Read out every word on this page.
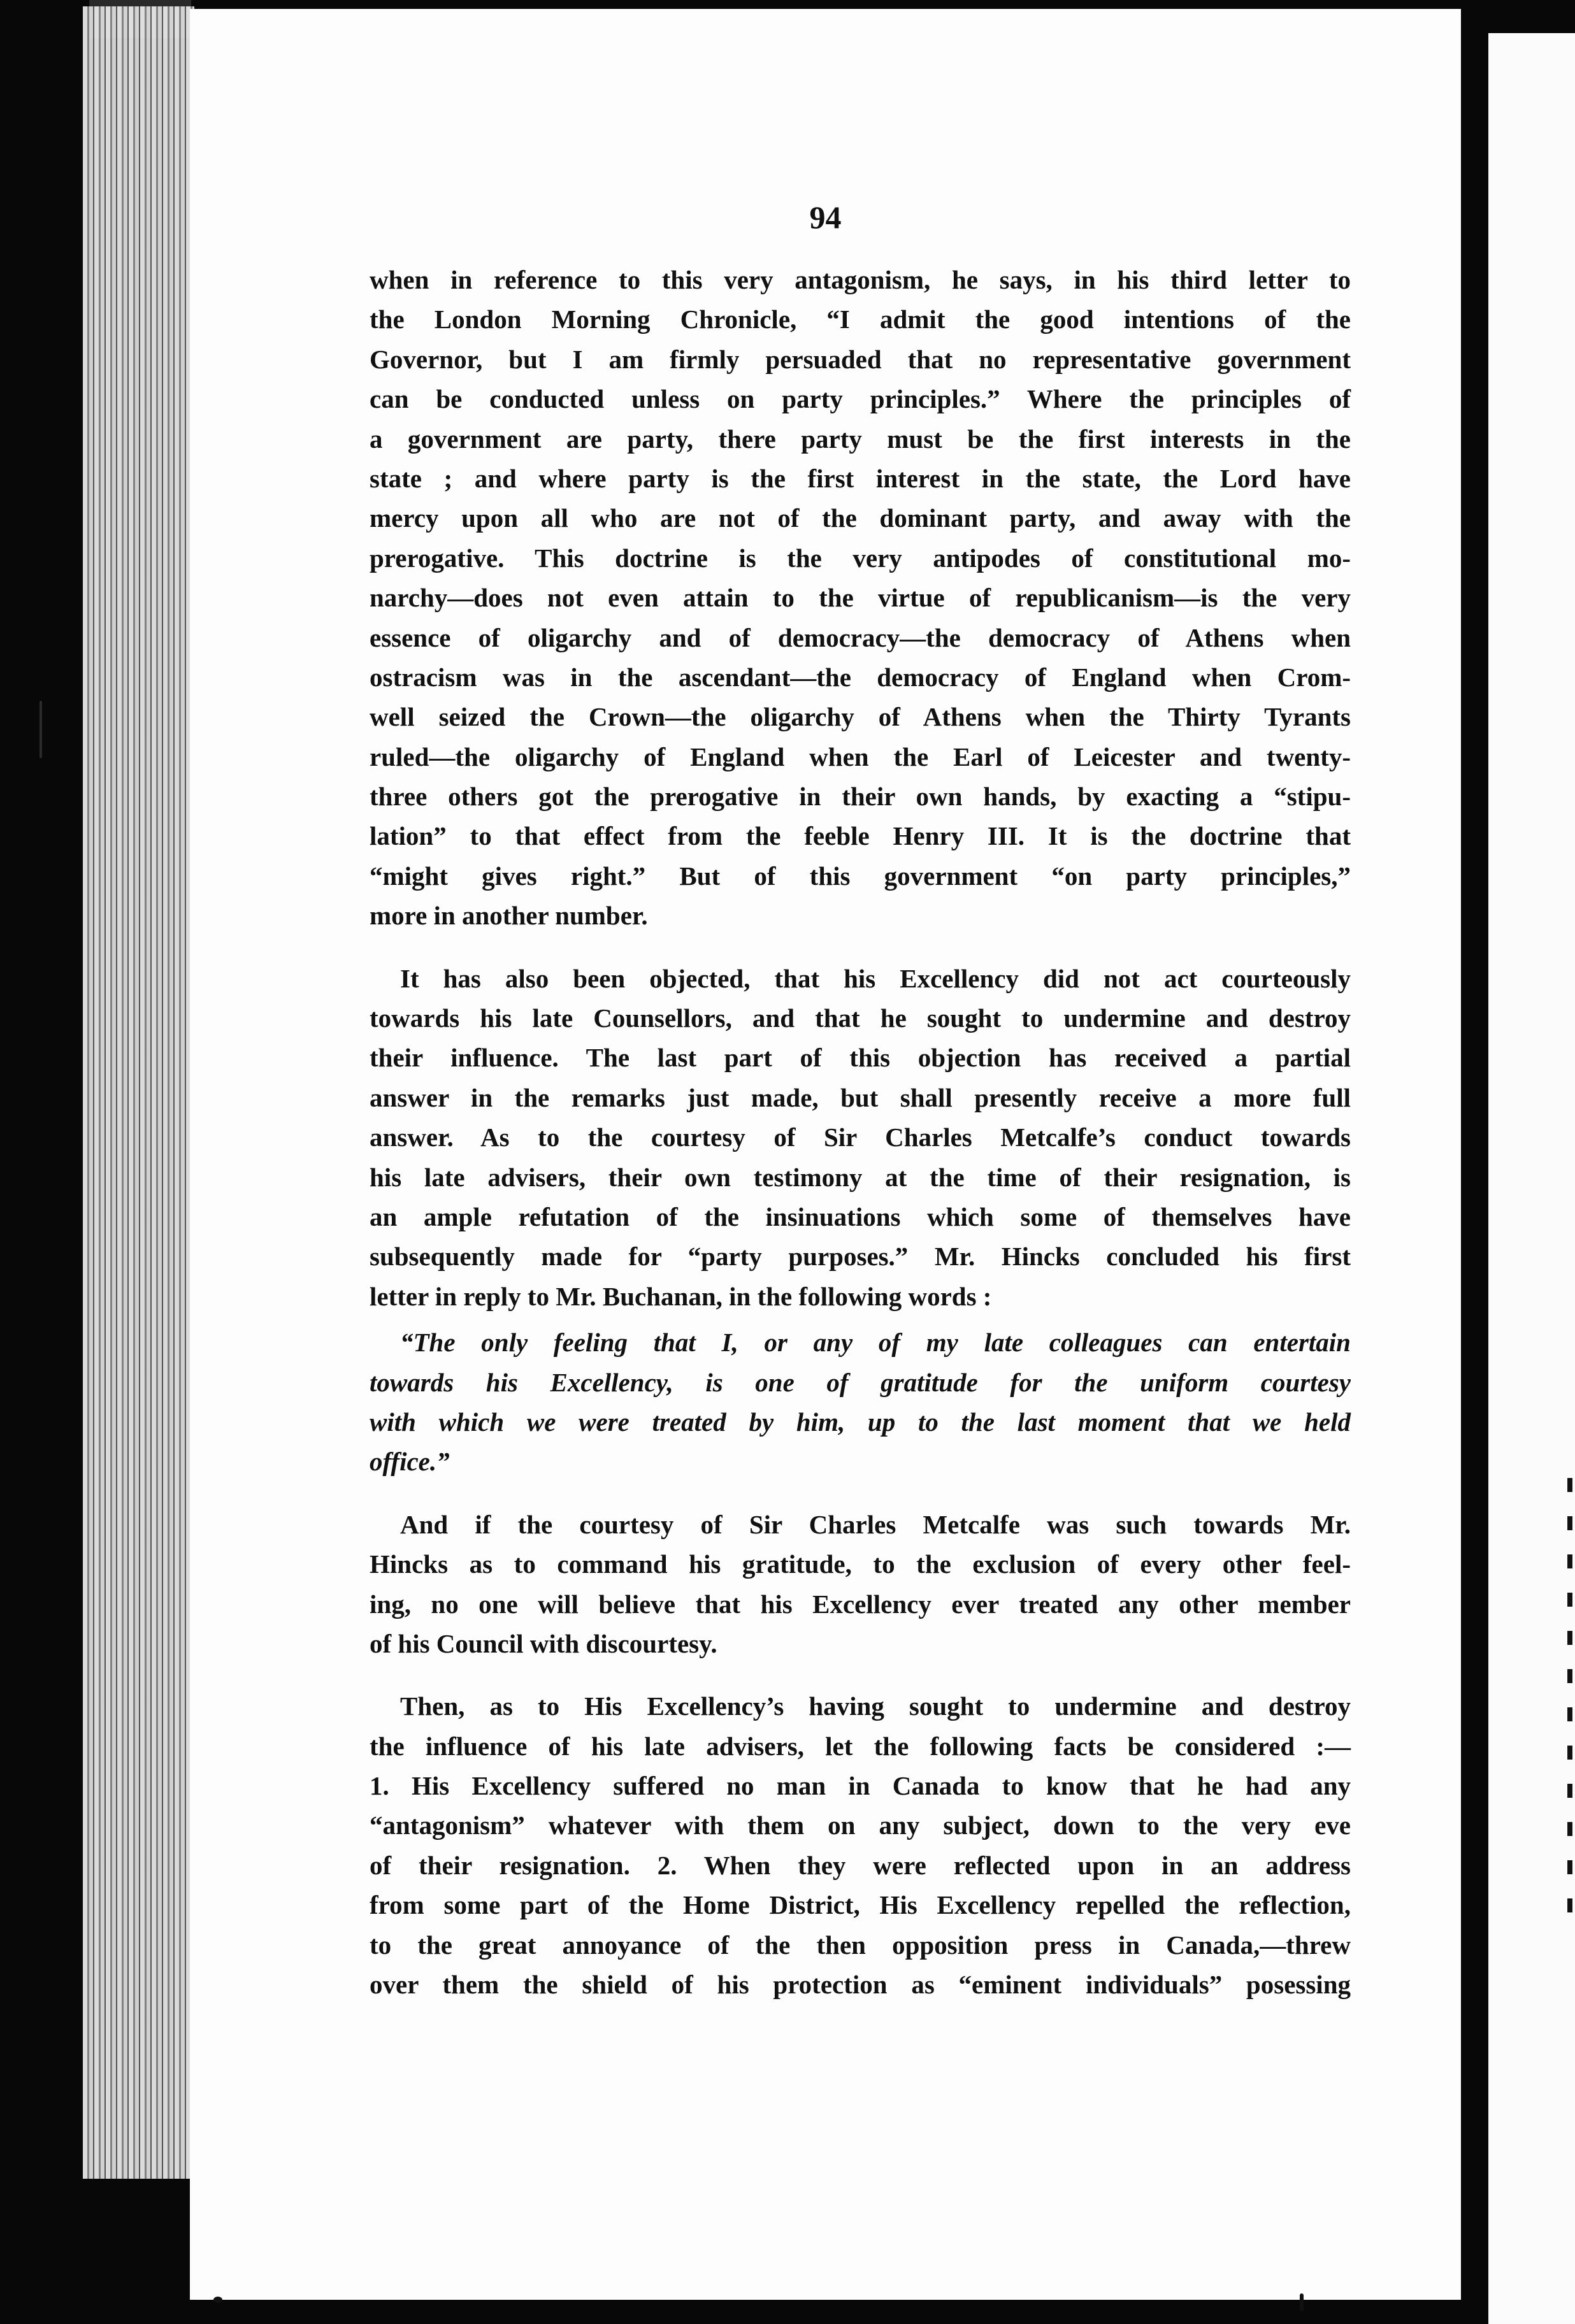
94
when in reference to this very antagonism, he says, in his third letter to
the London Morning Chronicle, “I admit the good intentions of the
Governor, but I am firmly persuaded that no representative government
can be conducted unless on party principles.” Where the principles of
a government are party, there party must be the first interests in the
state ; and where party is the first interest in the state, the Lord have
mercy upon all who are not of the dominant party, and away with the
prerogative. This doctrine is the very antipodes of constitutional mo-
narchy—does not even attain to the virtue of republicanism—is the very
essence of oligarchy and of democracy—the democracy of Athens when
ostracism was in the ascendant—the democracy of England when Crom-
well seized the Crown—the oligarchy of Athens when the Thirty Tyrants
ruled—the oligarchy of England when the Earl of Leicester and twenty-
three others got the prerogative in their own hands, by exacting a “stipu-
lation” to that effect from the feeble Henry III. It is the doctrine that
“might gives right.” But of this government “on party principles,”
more in another number.
It has also been objected, that his Excellency did not act courteously
towards his late Counsellors, and that he sought to undermine and destroy
their influence. The last part of this objection has received a partial
answer in the remarks just made, but shall presently receive a more full
answer. As to the courtesy of Sir Charles Metcalfe’s conduct towards
his late advisers, their own testimony at the time of their resignation, is
an ample refutation of the insinuations which some of themselves have
subsequently made for “party purposes.” Mr. Hincks concluded his first
letter in reply to Mr. Buchanan, in the following words :
“The only feeling that I, or any of my late colleagues can entertain
towards his Excellency, is one of gratitude for the uniform courtesy
with which we were treated by him, up to the last moment that we held
office.”
And if the courtesy of Sir Charles Metcalfe was such towards Mr.
Hincks as to command his gratitude, to the exclusion of every other feel-
ing, no one will believe that his Excellency ever treated any other member
of his Council with discourtesy.
Then, as to His Excellency’s having sought to undermine and destroy
the influence of his late advisers, let the following facts be considered :—
1. His Excellency suffered no man in Canada to know that he had any
“antagonism” whatever with them on any subject, down to the very eve
of their resignation. 2. When they were reflected upon in an address
from some part of the Home District, His Excellency repelled the reflection,
to the great annoyance of the then opposition press in Canada,—threw
over them the shield of his protection as “eminent individuals” posessing
